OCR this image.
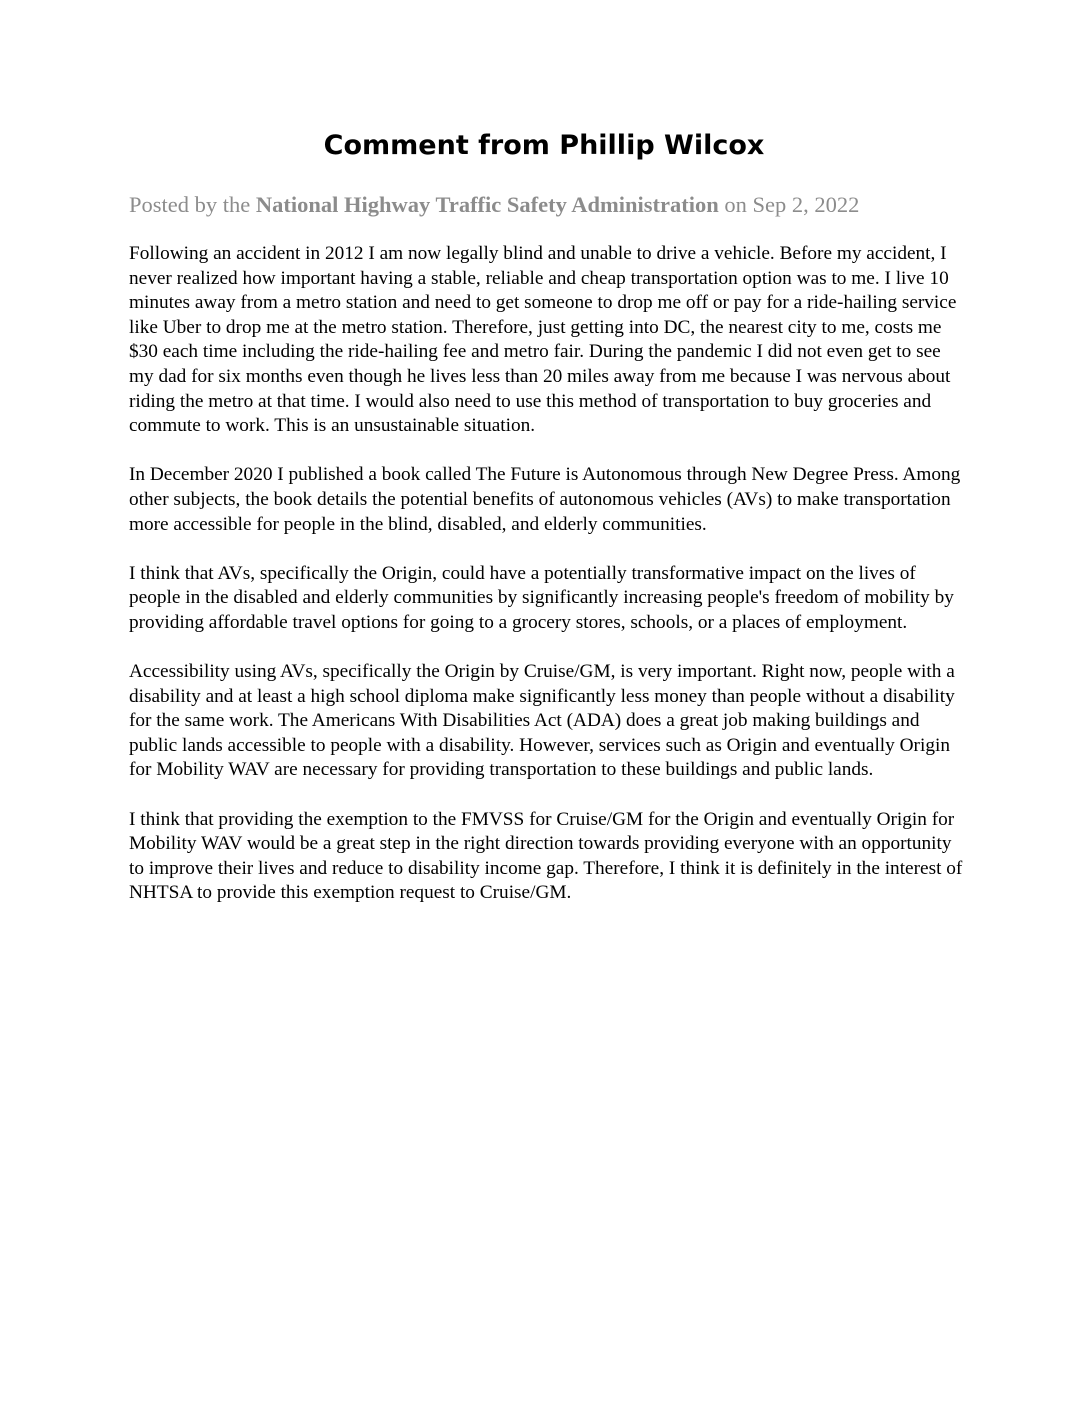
Comment from Phillip Wilcox
Posted by the National Highway Traffic Safety Administration on Sep 2, 2022

Following an accident in 2012 I am now legally blind and unable to drive a vehicle. Before my accident, I never realized how important having a stable, reliable and cheap transportation option was to me. I live 10 minutes away from a metro station and need to get someone to drop me off or pay for a ride-hailing service like Uber to drop me at the metro station. Therefore, just getting into DC, the nearest city to me, costs me $30 each time including the ride-hailing fee and metro fair. During the pandemic I did not even get to see my dad for six months even though he lives less than 20 miles away from me because I was nervous about riding the metro at that time. I would also need to use this method of transportation to buy groceries and commute to work. This is an unsustainable situation.

In December 2020 I published a book called The Future is Autonomous through New Degree Press. Among other subjects, the book details the potential benefits of autonomous vehicles (AVs) to make transportation more accessible for people in the blind, disabled, and elderly communities.

I think that AVs, specifically the Origin, could have a potentially transformative impact on the lives of people in the disabled and elderly communities by significantly increasing people's freedom of mobility by providing affordable travel options for going to a grocery stores, schools, or a places of employment.

Accessibility using AVs, specifically the Origin by Cruise/GM, is very important. Right now, people with a disability and at least a high school diploma make significantly less money than people without a disability for the same work. The Americans With Disabilities Act (ADA) does a great job making buildings and public lands accessible to people with a disability. However, services such as Origin and eventually Origin for Mobility WAV are necessary for providing transportation to these buildings and public lands.

I think that providing the exemption to the FMVSS for Cruise/GM for the Origin and eventually Origin for Mobility WAV would be a great step in the right direction towards providing everyone with an opportunity to improve their lives and reduce to disability income gap. Therefore, I think it is definitely in the interest of NHTSA to provide this exemption request to Cruise/GM.
